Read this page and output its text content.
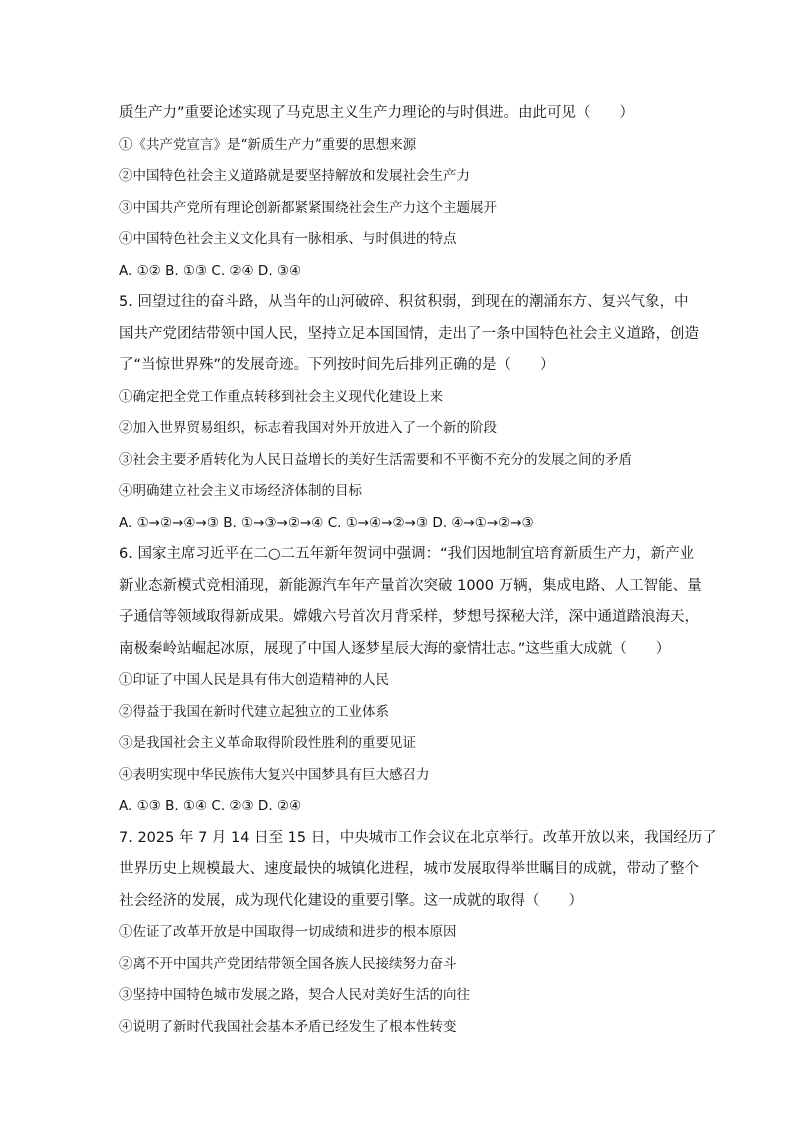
质生产力”重要论述实现了马克思主义生产力理论的与时俱进。由此可见（　　）
①《共产党宣言》是“新质生产力”重要的思想来源
②中国特色社会主义道路就是要坚持解放和发展社会生产力
③中国共产党所有理论创新都紧紧围绕社会生产力这个主题展开
④中国特色社会主义文化具有一脉相承、与时俱进的特点
A. ①② B. ①③ C. ②④ D. ③④
5. 回望过往的奋斗路，从当年的山河破碎、积贫积弱，到现在的潮涌东方、复兴气象，中
国共产党团结带领中国人民，坚持立足本国国情，走出了一条中国特色社会主义道路，创造
了“当惊世界殊”的发展奇迹。下列按时间先后排列正确的是（　　）
①确定把全党工作重点转移到社会主义现代化建设上来
②加入世界贸易组织，标志着我国对外开放进入了一个新的阶段
③社会主要矛盾转化为人民日益增长的美好生活需要和不平衡不充分的发展之间的矛盾
④明确建立社会主义市场经济体制的目标
A. ①→②→④→③ B. ①→③→②→④ C. ①→④→②→③ D. ④→①→②→③
6. 国家主席习近平在二○二五年新年贺词中强调：“我们因地制宜培育新质生产力，新产业
新业态新模式竞相涌现，新能源汽车年产量首次突破 1000 万辆，集成电路、人工智能、量
子通信等领域取得新成果。嫦娥六号首次月背采样，梦想号探秘大洋，深中通道踏浪海天，
南极秦岭站崛起冰原，展现了中国人逐梦星辰大海的豪情壮志。”这些重大成就（　　）
①印证了中国人民是具有伟大创造精神的人民
②得益于我国在新时代建立起独立的工业体系
③是我国社会主义革命取得阶段性胜利的重要见证
④表明实现中华民族伟大复兴中国梦具有巨大感召力
A. ①③ B. ①④ C. ②③ D. ②④
7. 2025 年 7 月 14 日至 15 日，中央城市工作会议在北京举行。改革开放以来，我国经历了
世界历史上规模最大、速度最快的城镇化进程，城市发展取得举世瞩目的成就，带动了整个
社会经济的发展，成为现代化建设的重要引擎。这一成就的取得（　　）
①佐证了改革开放是中国取得一切成绩和进步的根本原因
②离不开中国共产党团结带领全国各族人民接续努力奋斗
③坚持中国特色城市发展之路，契合人民对美好生活的向往
④说明了新时代我国社会基本矛盾已经发生了根本性转变
